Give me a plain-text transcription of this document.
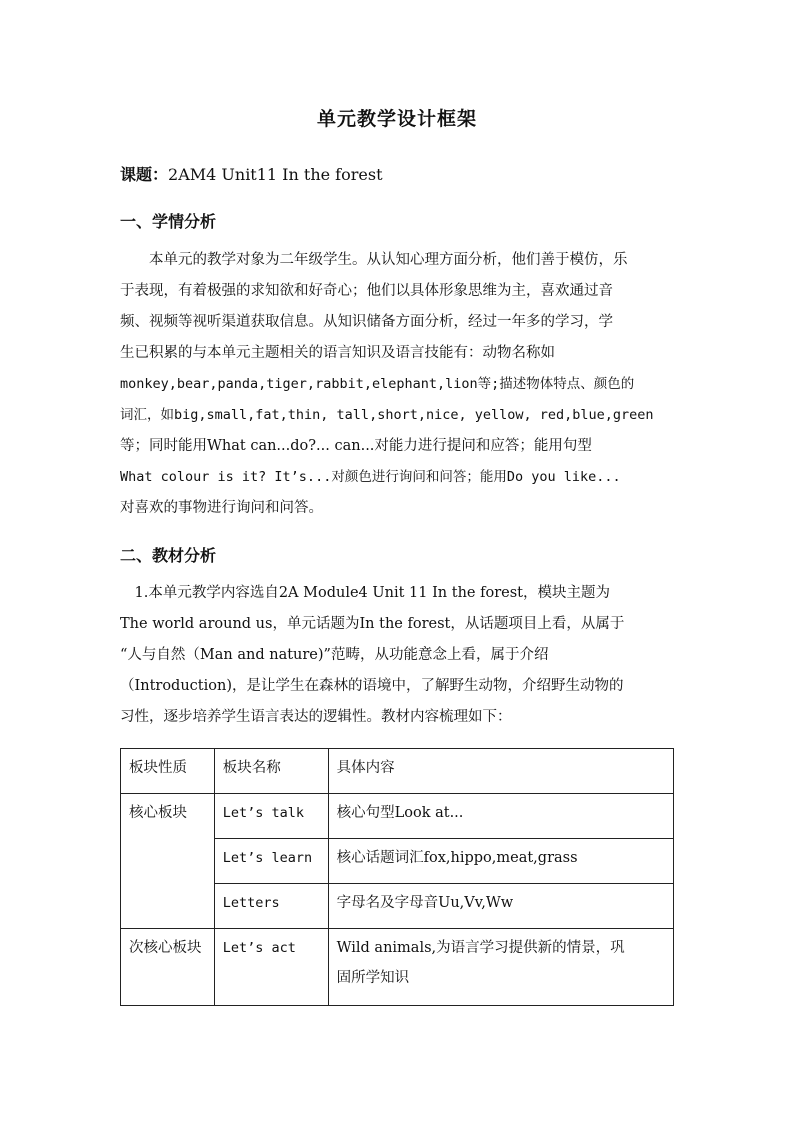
单元教学设计框架
课题：2AM4 Unit11 In the forest
一、学情分析
　　本单元的教学对象为二年级学生。从认知心理方面分析，他们善于模仿，乐
于表现，有着极强的求知欲和好奇心；他们以具体形象思维为主，喜欢通过音
频、视频等视听渠道获取信息。从知识储备方面分析，经过一年多的学习，学
生已积累的与本单元主题相关的语言知识及语言技能有：动物名称如
monkey,bear,panda,tiger,rabbit,elephant,lion等;描述物体特点、颜色的
词汇，如big,small,fat,thin, tall,short,nice, yellow, red,blue,green
等；同时能用What can...do?... can...对能力进行提问和应答；能用句型
What colour is it? It’s...对颜色进行询问和问答；能用Do you like...
对喜欢的事物进行询问和问答。
二、教材分析
　1.本单元教学内容选自2A Module4 Unit 11 In the forest，模块主题为
The world around us，单元话题为In the forest，从话题项目上看，从属于
“人与自然（Man and nature)”范畴，从功能意念上看，属于介绍
（Introduction)，是让学生在森林的语境中，了解野生动物，介绍野生动物的
习性，逐步培养学生语言表达的逻辑性。教材内容梳理如下：
板块性质	板块名称	具体内容

核心板块	Let’s talk	核心句型Look at...

	Let’s learn	核心话题词汇fox,hippo,meat,grass

	Letters	字母名及字母音Uu,Vv,Ww

次核心板块	Let’s act	Wild animals,为语言学习提供新的情景，巩
固所学知识
